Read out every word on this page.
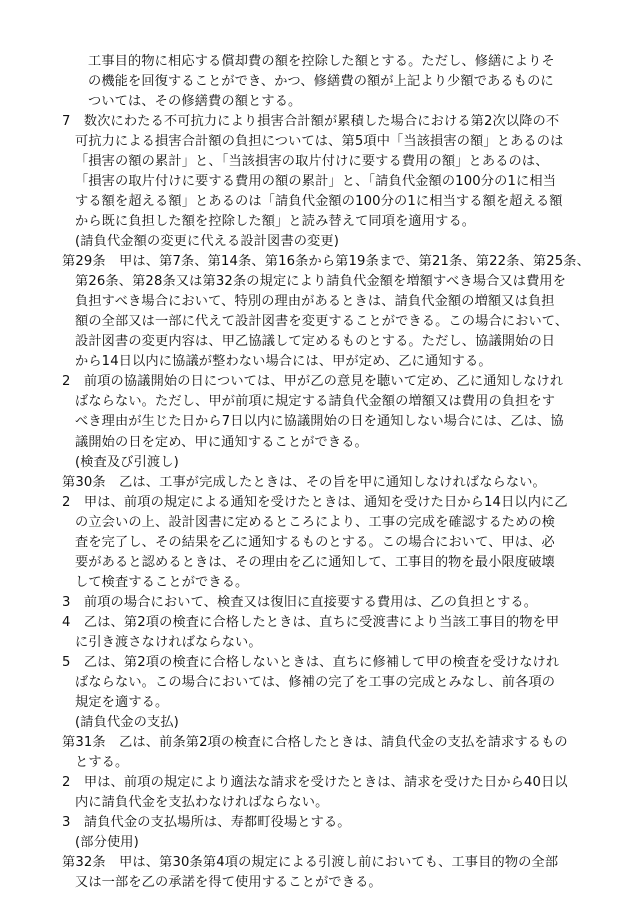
工事目的物に相応する償却費の額を控除した額とする。ただし、修繕によりそ
の機能を回復することができ、かつ、修繕費の額が上記より少額であるものに
ついては、その修繕費の額とする。
7　数次にわたる不可抗力により損害合計額が累積した場合における第2次以降の不
可抗力による損害合計額の負担については、第5項中「当該損害の額」とあるのは
「損害の額の累計」と、「当該損害の取片付けに要する費用の額」とあるのは、
「損害の取片付けに要する費用の額の累計」と、「請負代金額の100分の1に相当
する額を超える額」とあるのは「請負代金額の100分の1に相当する額を超える額
から既に負担した額を控除した額」と読み替えて同項を適用する。
(請負代金額の変更に代える設計図書の変更)
第29条　甲は、第7条、第14条、第16条から第19条まで、第21条、第22条、第25条、
第26条、第28条又は第32条の規定により請負代金額を増額すべき場合又は費用を
負担すべき場合において、特別の理由があるときは、請負代金額の増額又は負担
額の全部又は一部に代えて設計図書を変更することができる。この場合において、
設計図書の変更内容は、甲乙協議して定めるものとする。ただし、協議開始の日
から14日以内に協議が整わない場合には、甲が定め、乙に通知する。
2　前項の協議開始の日については、甲が乙の意見を聴いて定め、乙に通知しなけれ
ばならない。ただし、甲が前項に規定する請負代金額の増額又は費用の負担をす
べき理由が生じた日から7日以内に協議開始の日を通知しない場合には、乙は、協
議開始の日を定め、甲に通知することができる。
(検査及び引渡し)
第30条　乙は、工事が完成したときは、その旨を甲に通知しなければならない。
2　甲は、前項の規定による通知を受けたときは、通知を受けた日から14日以内に乙
の立会いの上、設計図書に定めるところにより、工事の完成を確認するための検
査を完了し、その結果を乙に通知するものとする。この場合において、甲は、必
要があると認めるときは、その理由を乙に通知して、工事目的物を最小限度破壊
して検査することができる。
3　前項の場合において、検査又は復旧に直接要する費用は、乙の負担とする。
4　乙は、第2項の検査に合格したときは、直ちに受渡書により当該工事目的物を甲
に引き渡さなければならない。
5　乙は、第2項の検査に合格しないときは、直ちに修補して甲の検査を受けなけれ
ばならない。この場合においては、修補の完了を工事の完成とみなし、前各項の
規定を適する。
(請負代金の支払)
第31条　乙は、前条第2項の検査に合格したときは、請負代金の支払を請求するもの
とする。
2　甲は、前項の規定により適法な請求を受けたときは、請求を受けた日から40日以
内に請負代金を支払わなければならない。
3　請負代金の支払場所は、寿都町役場とする。
(部分使用)
第32条　甲は、第30条第4項の規定による引渡し前においても、工事目的物の全部
又は一部を乙の承諾を得て使用することができる。
